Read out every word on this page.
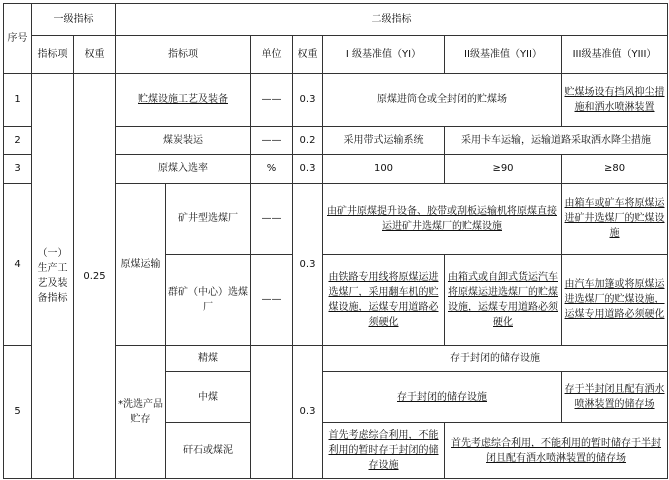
序号	一级指标		二级指标						
	指标项	权重	指标项		单位	权重	I 级基准值（YI）	II级基准值（YII）	III级基准值（YIII）
1	（一）生产工艺及装备指标	0.25	贮煤设施工艺及装备		——	0.3	原煤进筒仓或全封闭的贮煤场		贮煤场设有挡风抑尘措施和洒水喷淋装置
2			煤炭装运		——	0.2	采用带式运输系统	采用卡车运输，运输道路采取洒水降尘措施	
3			原煤入选率		%	0.3	100	≥90	≥80
4			原煤运输	矿井型选煤厂	——	0.3	由矿井原煤提升设备、胶带或刮板运输机将原煤直接运进矿井选煤厂的贮煤设施		由箱车或矿车将原煤运进矿井选煤厂的贮煤设施
				群矿（中心）选煤厂	——		由铁路专用线将原煤运进选煤厂，采用翻车机的贮煤设施，运煤专用道路必须硬化	由箱式或自卸式货运汽车将原煤运进选煤厂的贮煤设施，运煤专用道路必须硬化	由汽车加篷或将原煤运进选煤厂的贮煤设施，运煤专用道路必须硬化
5			*洗选产品贮存	精煤		0.3	存于封闭的储存设施		
				中煤			存于封闭的储存设施		存于半封闭且配有洒水喷淋装置的储存场
				矸石或煤泥			首先考虑综合利用，不能利用的暂时存于封闭的储存设施	首先考虑综合利用，不能利用的暂时储存于半封闭且配有洒水喷淋装置的储存场	
